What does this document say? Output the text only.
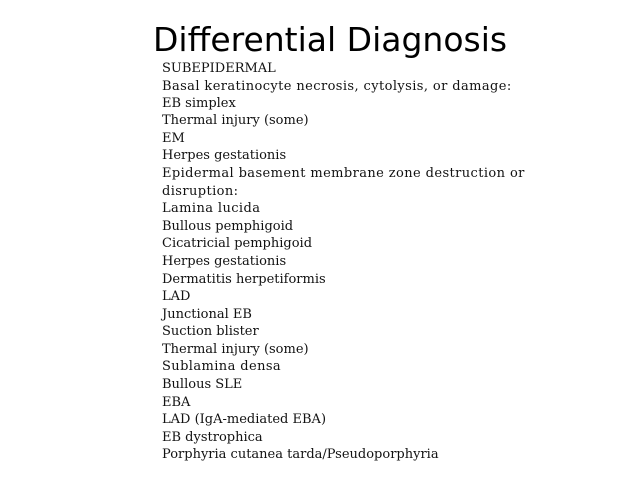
Differential Diagnosis
SUBEPIDERMAL
Basal keratinocyte necrosis, cytolysis, or damage:
EB simplex
Thermal injury (some)
EM
Herpes gestationis
Epidermal basement membrane zone destruction or
disruption:
Lamina lucida
Bullous pemphigoid
Cicatricial pemphigoid
Herpes gestationis
Dermatitis herpetiformis
LAD
Junctional EB
Suction blister
Thermal injury (some)
Sublamina densa
Bullous SLE
EBA
LAD (IgA-mediated EBA)
EB dystrophica
Porphyria cutanea tarda/Pseudoporphyria
